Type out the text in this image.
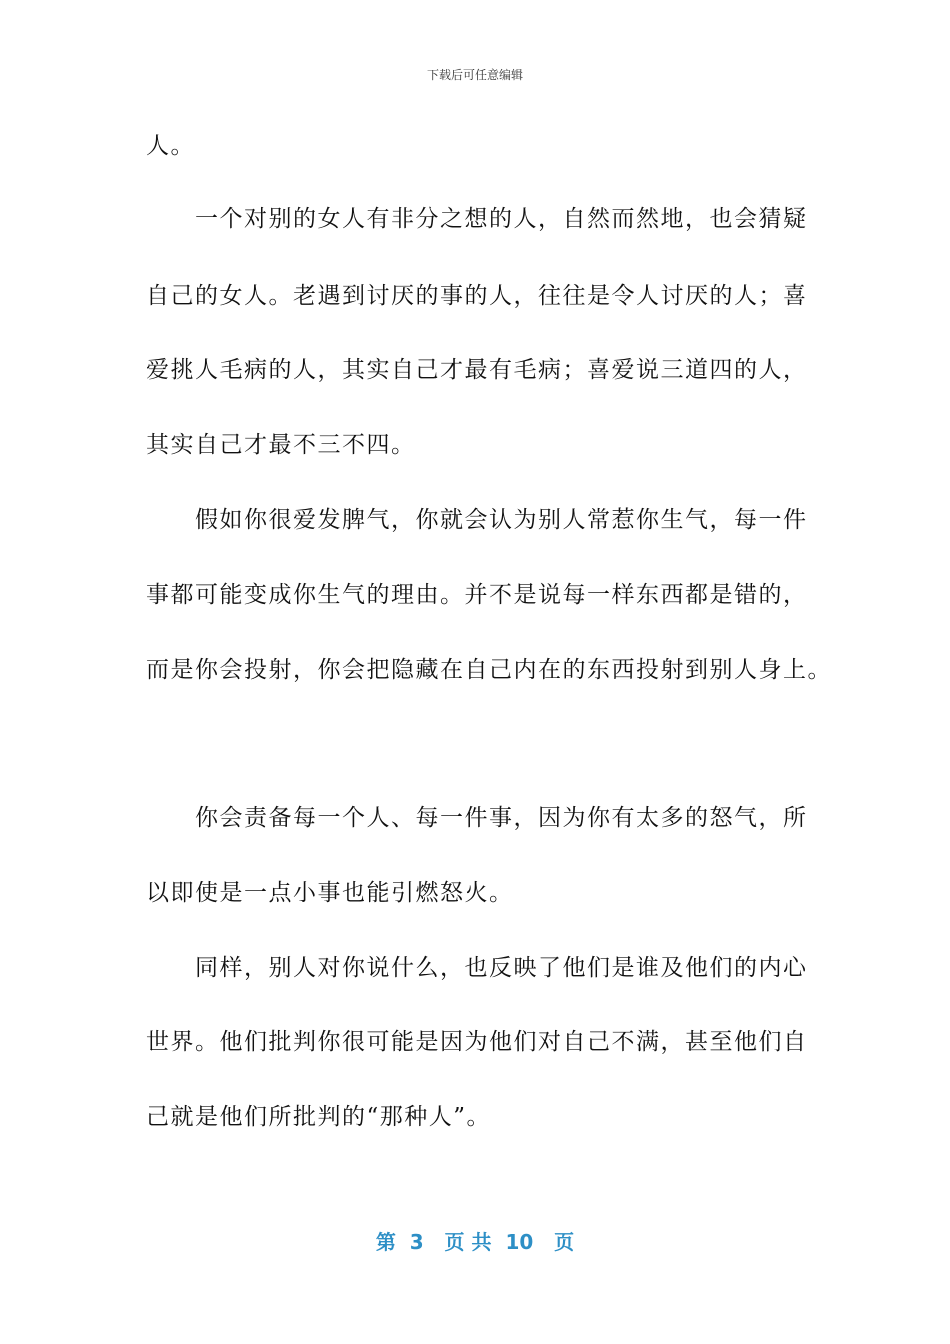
下载后可任意编辑
人。
　　一个对别的女人有非分之想的人，自然而然地，也会猜疑
自己的女人。老遇到讨厌的事的人，往往是令人讨厌的人；喜
爱挑人毛病的人，其实自己才最有毛病；喜爱说三道四的人，
其实自己才最不三不四。
　　假如你很爱发脾气，你就会认为别人常惹你生气，每一件
事都可能变成你生气的理由。并不是说每一样东西都是错的，
而是你会投射，你会把隐藏在自己内在的东西投射到别人身上。
　　你会责备每一个人、每一件事，因为你有太多的怒气，所
以即使是一点小事也能引燃怒火。
　　同样，别人对你说什么，也反映了他们是谁及他们的内心
世界。他们批判你很可能是因为他们对自己不满，甚至他们自
己就是他们所批判的“那种人”。
第  3   页 共  10   页
